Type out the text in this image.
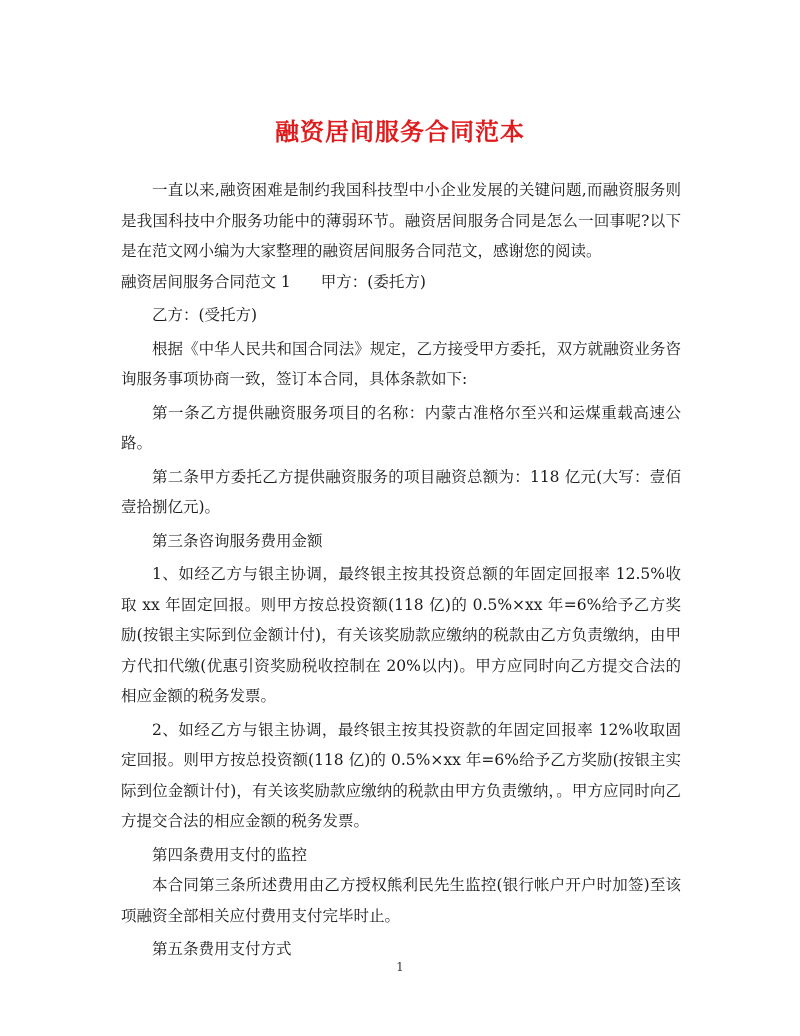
融资居间服务合同范本

一直以来,融资困难是制约我国科技型中小企业发展的关键问题,而融资服务则是我国科技中介服务功能中的薄弱环节。融资居间服务合同是怎么一回事呢?以下是在范文网小编为大家整理的融资居间服务合同范文，感谢您的阅读。

融资居间服务合同范文 1 甲方：(委托方)

乙方：(受托方)

根据《中华人民共和国合同法》规定，乙方接受甲方委托，双方就融资业务咨询服务事项协商一致，签订本合同，具体条款如下:

第一条乙方提供融资服务项目的名称：内蒙古准格尔至兴和运煤重载高速公路。

第二条甲方委托乙方提供融资服务的项目融资总额为：118 亿元(大写：壹佰壹拾捌亿元)。

第三条咨询服务费用金额

1、如经乙方与银主协调，最终银主按其投资总额的年固定回报率 12.5%收取 xx 年固定回报。则甲方按总投资额(118 亿)的 0.5%×xx 年=6%给予乙方奖励(按银主实际到位金额计付)，有关该奖励款应缴纳的税款由乙方负责缴纳，由甲方代扣代缴(优惠引资奖励税收控制在 20%以内)。甲方应同时向乙方提交合法的相应金额的税务发票。

2、如经乙方与银主协调，最终银主按其投资款的年固定回报率 12%收取固定回报。则甲方按总投资额(118 亿)的 0.5%×xx 年=6%给予乙方奖励(按银主实际到位金额计付)，有关该奖励款应缴纳的税款由甲方负责缴纳，。甲方应同时向乙方提交合法的相应金额的税务发票。

第四条费用支付的监控

本合同第三条所述费用由乙方授权熊利民先生监控(银行帐户开户时加签)至该项融资全部相关应付费用支付完毕时止。

第五条费用支付方式

1
